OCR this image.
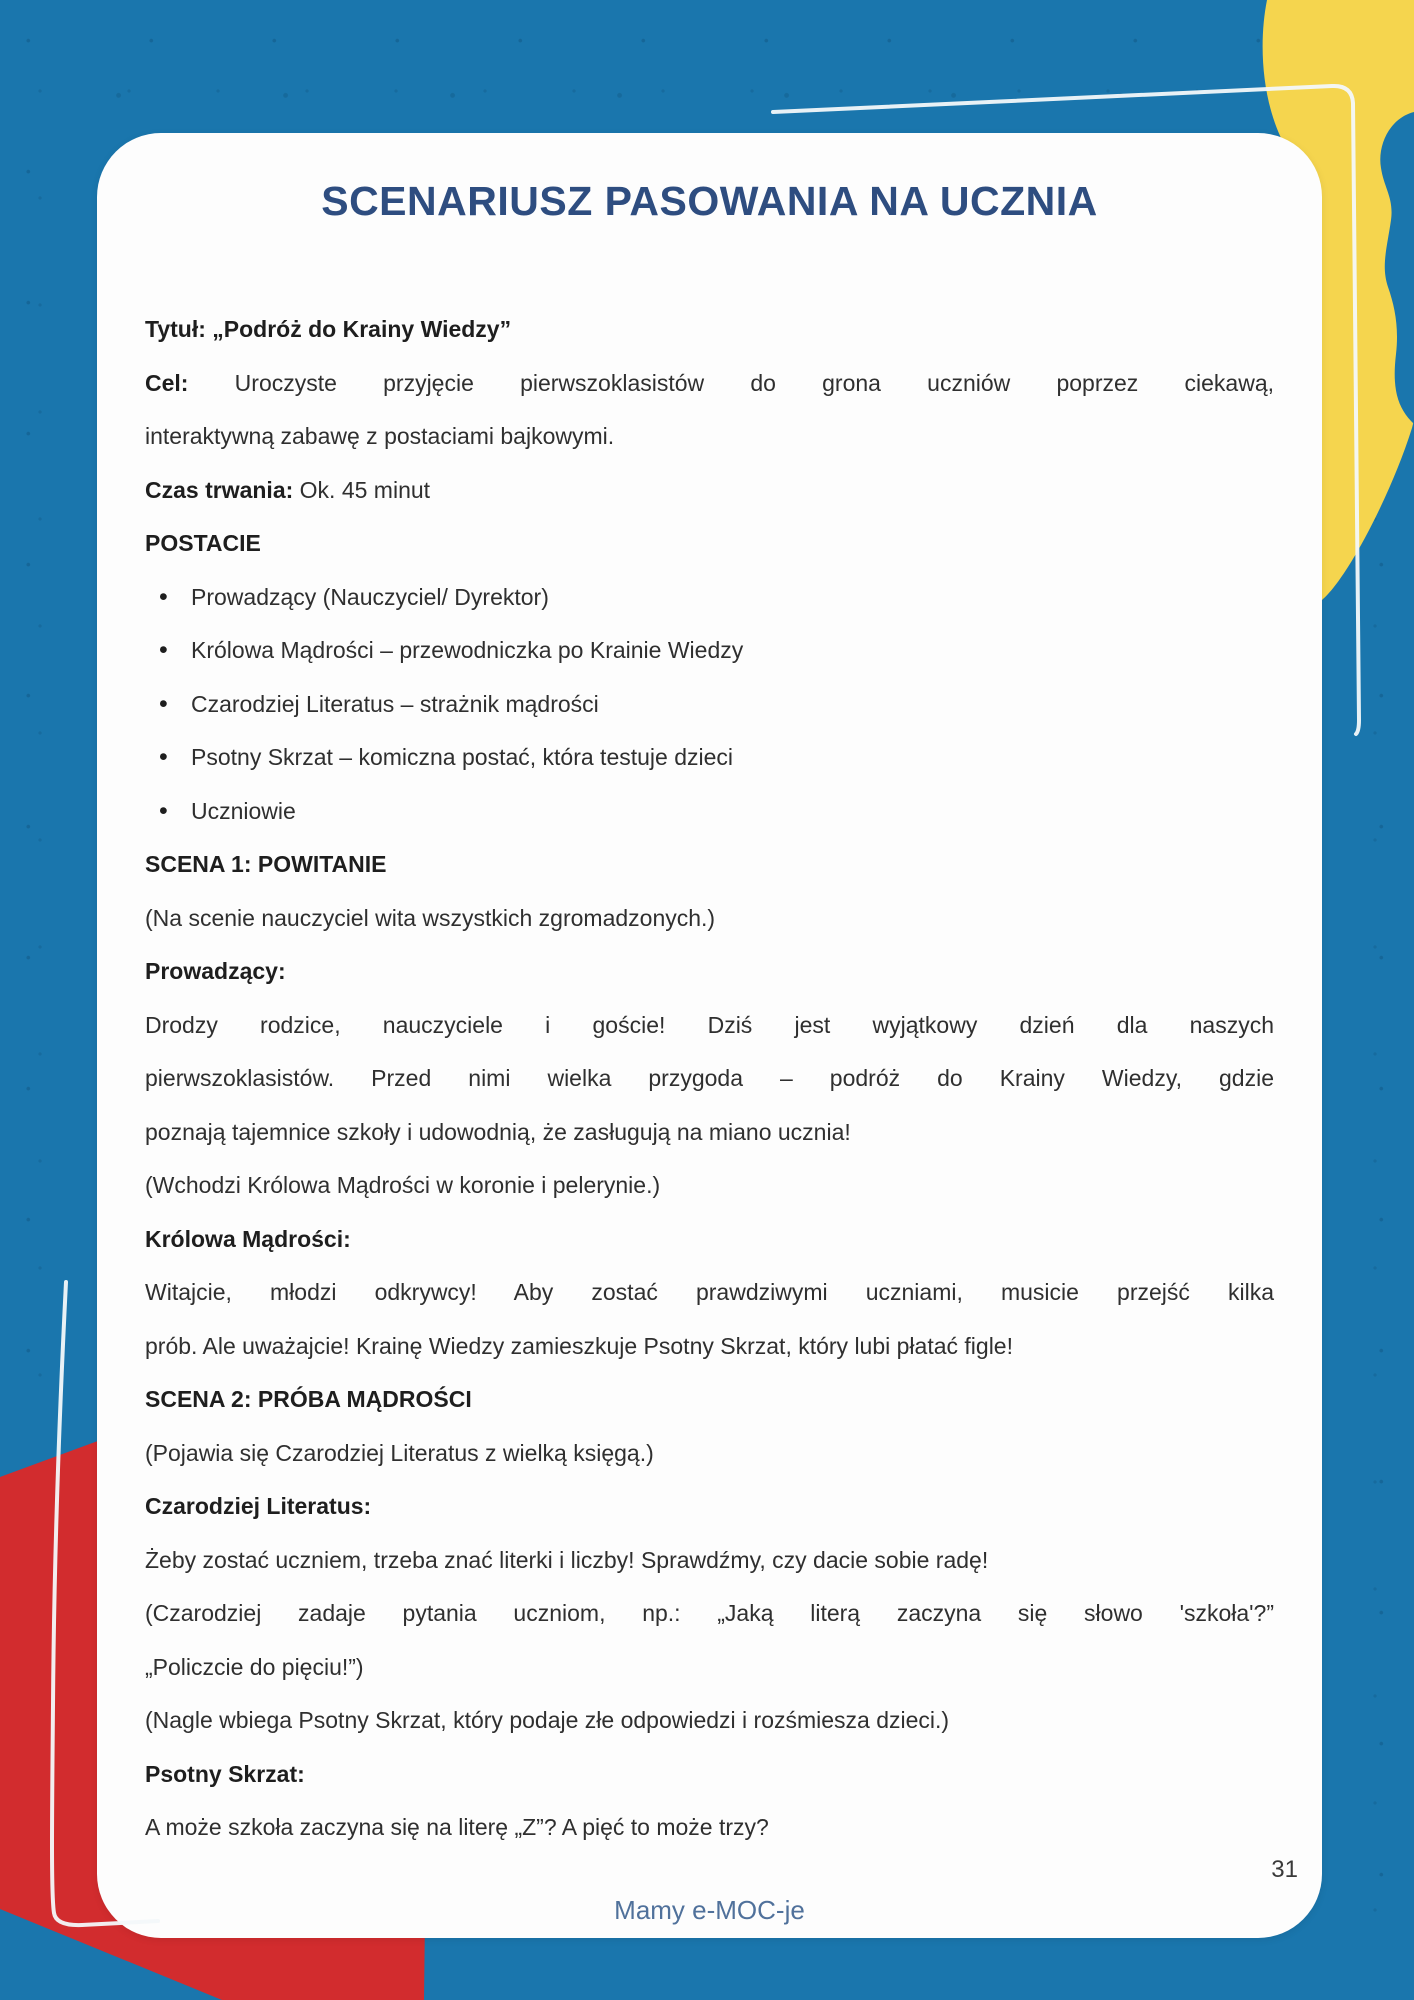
SCENARIUSZ PASOWANIA NA UCZNIA
Tytuł: „Podróż do Krainy Wiedzy”
Cel: Uroczyste przyjęcie pierwszoklasistów do grona uczniów poprzez ciekawą,
interaktywną zabawę z postaciami bajkowymi.
Czas trwania: Ok. 45 minut
POSTACIE
• Prowadzący (Nauczyciel/ Dyrektor)
• Królowa Mądrości – przewodniczka po Krainie Wiedzy
• Czarodziej Literatus – strażnik mądrości
• Psotny Skrzat – komiczna postać, która testuje dzieci
• Uczniowie
SCENA 1: POWITANIE
(Na scenie nauczyciel wita wszystkich zgromadzonych.)
Prowadzący:
Drodzy rodzice, nauczyciele i goście! Dziś jest wyjątkowy dzień dla naszych
pierwszoklasistów. Przed nimi wielka przygoda – podróż do Krainy Wiedzy, gdzie
poznają tajemnice szkoły i udowodnią, że zasługują na miano ucznia!
(Wchodzi Królowa Mądrości w koronie i pelerynie.)
Królowa Mądrości:
Witajcie, młodzi odkrywcy! Aby zostać prawdziwymi uczniami, musicie przejść kilka
prób. Ale uważajcie! Krainę Wiedzy zamieszkuje Psotny Skrzat, który lubi płatać figle!
SCENA 2: PRÓBA MĄDROŚCI
(Pojawia się Czarodziej Literatus z wielką księgą.)
Czarodziej Literatus:
Żeby zostać uczniem, trzeba znać literki i liczby! Sprawdźmy, czy dacie sobie radę!
(Czarodziej zadaje pytania uczniom, np.: „Jaką literą zaczyna się słowo 'szkoła'?”
„Policzcie do pięciu!”)
(Nagle wbiega Psotny Skrzat, który podaje złe odpowiedzi i rozśmiesza dzieci.)
Psotny Skrzat:
A może szkoła zaczyna się na literę „Z”? A pięć to może trzy?
Mamy e-MOC-je
31
